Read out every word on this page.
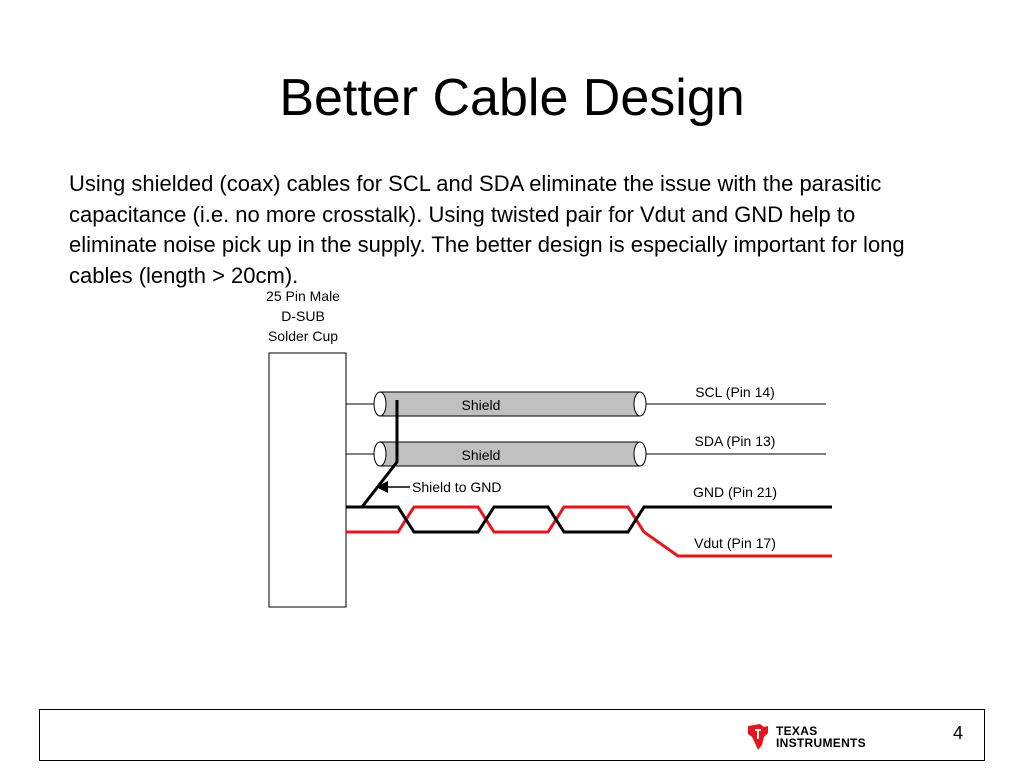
Better Cable Design

Using shielded (coax) cables for SCL and SDA eliminate the issue with the parasitic capacitance (i.e. no more crosstalk). Using twisted pair for Vdut and GND help to eliminate noise pick up in the supply. The better design is especially important for long cables (length > 20cm).

25 Pin Male
D-SUB
Solder Cup
Shield
Shield
Shield to GND
SCL (Pin 14)
SDA (Pin 13)
GND (Pin 21)
Vdut (Pin 17)
TEXAS
INSTRUMENTS	4
